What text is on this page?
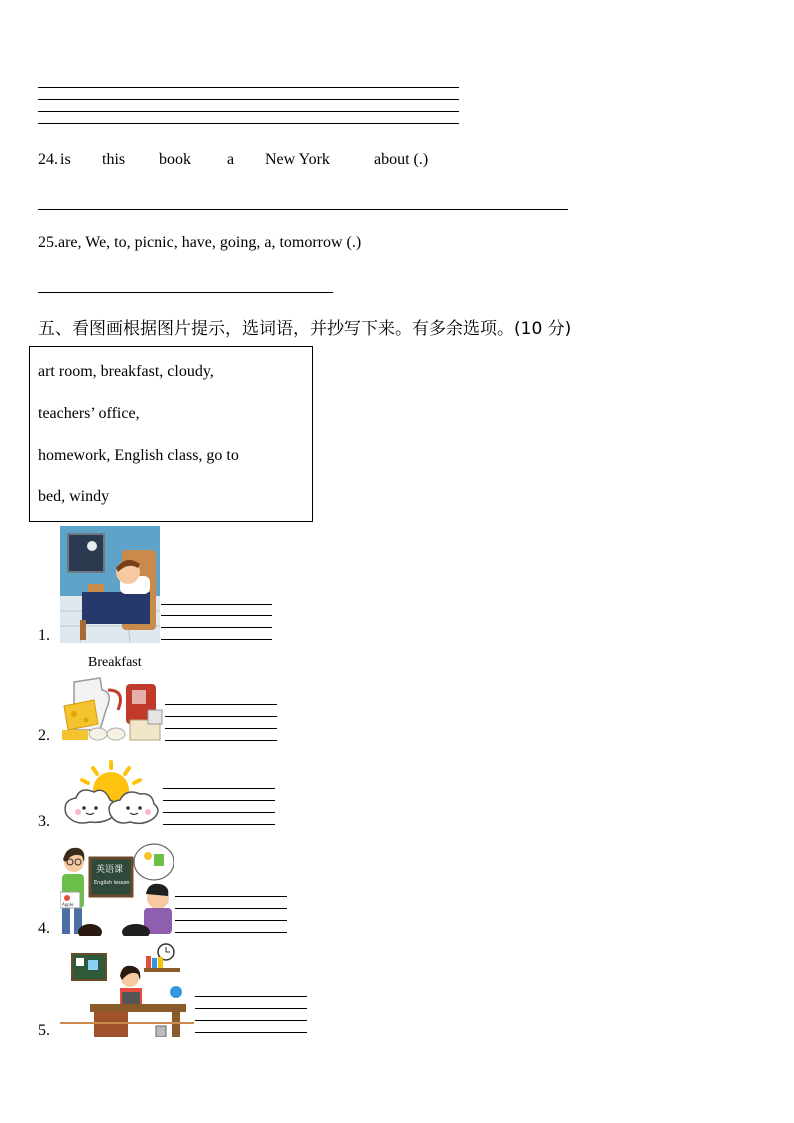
24. is this book a New York	about (.)
25.are, We, to, picnic, have, going, a, tomorrow (.)
五、看图画根据图片提示，选词语，并抄写下来。有多余选项。(10 分)
art room, breakfast, cloudy,
teachers’ office,
homework, English class, go to
bed, windy
1.
Breakfast
2.
3.
4.
英语课
English lesson
Apple
5.
